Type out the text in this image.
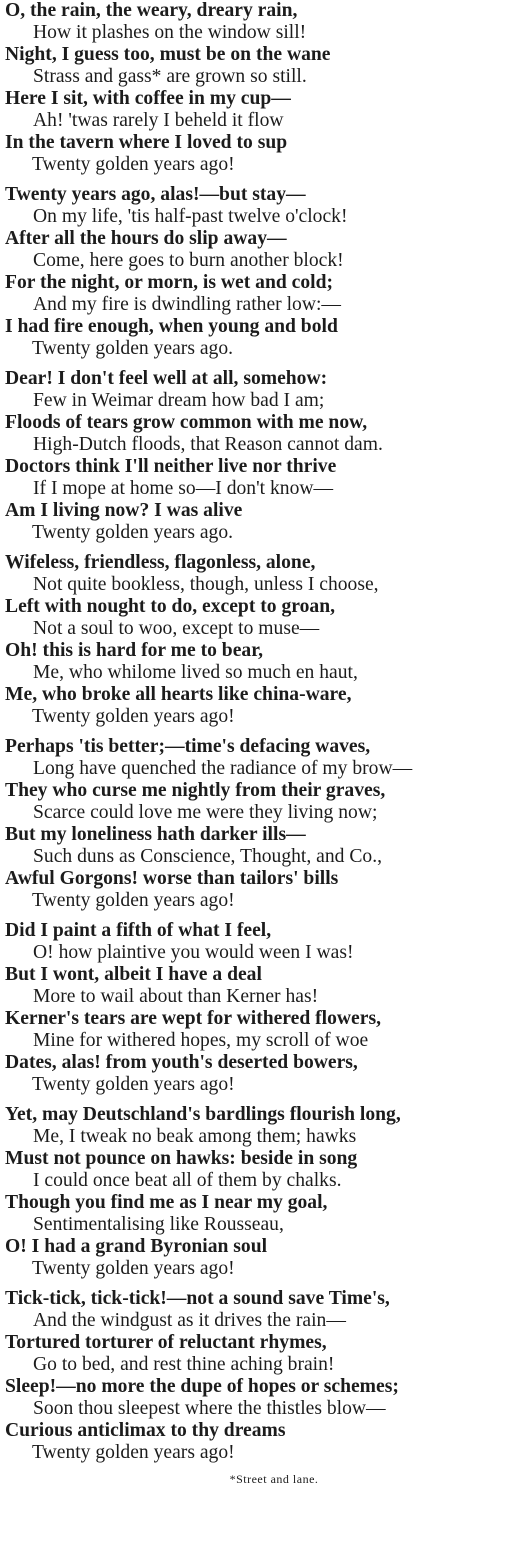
O, the rain, the weary, dreary rain,
How it plashes on the window sill!
Night, I guess too, must be on the wane
Strass and gass* are grown so still.
Here I sit, with coffee in my cup—
Ah! 'twas rarely I beheld it flow
In the tavern where I loved to sup
Twenty golden years ago!
Twenty years ago, alas!—but stay—
On my life, 'tis half-past twelve o'clock!
After all the hours do slip away—
Come, here goes to burn another block!
For the night, or morn, is wet and cold;
And my fire is dwindling rather low:—
I had fire enough, when young and bold
Twenty golden years ago.
Dear! I don't feel well at all, somehow:
Few in Weimar dream how bad I am;
Floods of tears grow common with me now,
High-Dutch floods, that Reason cannot dam.
Doctors think I'll neither live nor thrive
If I mope at home so—I don't know—
Am I living now? I was alive
Twenty golden years ago.
Wifeless, friendless, flagonless, alone,
Not quite bookless, though, unless I choose,
Left with nought to do, except to groan,
Not a soul to woo, except to muse—
Oh! this is hard for me to bear,
Me, who whilome lived so much en haut,
Me, who broke all hearts like china-ware,
Twenty golden years ago!
Perhaps 'tis better;—time's defacing waves,
Long have quenched the radiance of my brow—
They who curse me nightly from their graves,
Scarce could love me were they living now;
But my loneliness hath darker ills—
Such duns as Conscience, Thought, and Co.,
Awful Gorgons! worse than tailors' bills
Twenty golden years ago!
Did I paint a fifth of what I feel,
O! how plaintive you would ween I was!
But I wont, albeit I have a deal
More to wail about than Kerner has!
Kerner's tears are wept for withered flowers,
Mine for withered hopes, my scroll of woe
Dates, alas! from youth's deserted bowers,
Twenty golden years ago!
Yet, may Deutschland's bardlings flourish long,
Me, I tweak no beak among them; hawks
Must not pounce on hawks: beside in song
I could once beat all of them by chalks.
Though you find me as I near my goal,
Sentimentalising like Rousseau,
O! I had a grand Byronian soul
Twenty golden years ago!
Tick-tick, tick-tick!—not a sound save Time's,
And the windgust as it drives the rain—
Tortured torturer of reluctant rhymes,
Go to bed, and rest thine aching brain!
Sleep!—no more the dupe of hopes or schemes;
Soon thou sleepest where the thistles blow—
Curious anticlimax to thy dreams
Twenty golden years ago!
*Street and lane.
